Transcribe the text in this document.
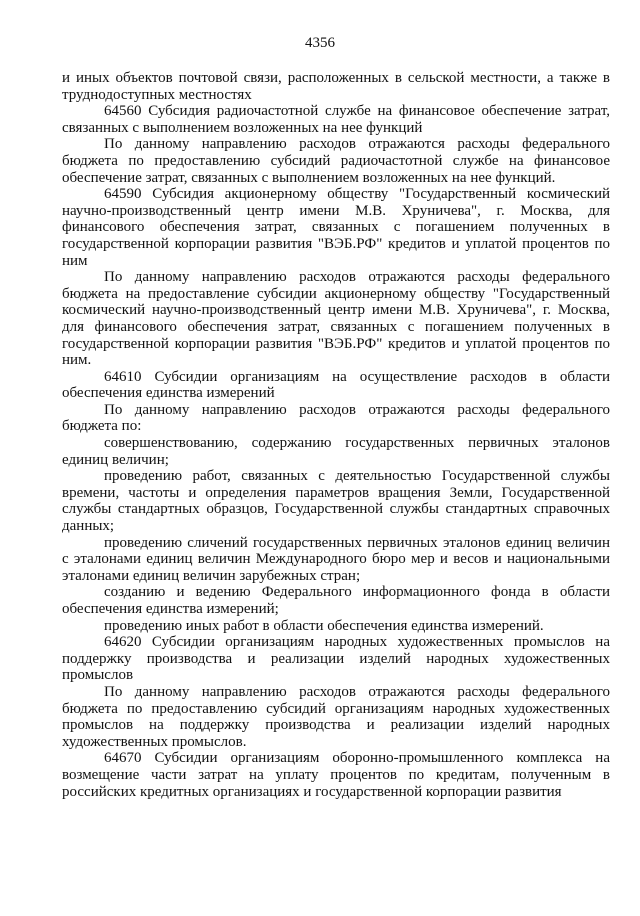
4356

и иных объектов почтовой связи, расположенных в сельской местности, а также в труднодоступных местностях

64560 Субсидия радиочастотной службе на финансовое обеспечение затрат, связанных с выполнением возложенных на нее функций

По данному направлению расходов отражаются расходы федерального бюджета по предоставлению субсидий радиочастотной службе на финансовое обеспечение затрат, связанных с выполнением возложенных на нее функций.

64590 Субсидия акционерному обществу "Государственный космический научно-производственный центр имени М.В. Хруничева", г. Москва, для финансового обеспечения затрат, связанных с погашением полученных в государственной корпорации развития "ВЭБ.РФ" кредитов и уплатой процентов по ним

По данному направлению расходов отражаются расходы федерального бюджета на предоставление субсидии акционерному обществу "Государственный космический научно-производственный центр имени М.В. Хруничева", г. Москва, для финансового обеспечения затрат, связанных с погашением полученных в государственной корпорации развития "ВЭБ.РФ" кредитов и уплатой процентов по ним.

64610 Субсидии организациям на осуществление расходов в области обеспечения единства измерений

По данному направлению расходов отражаются расходы федерального бюджета по:

совершенствованию, содержанию государственных первичных эталонов единиц величин;

проведению работ, связанных с деятельностью Государственной службы времени, частоты и определения параметров вращения Земли, Государственной службы стандартных образцов, Государственной службы стандартных справочных данных;

проведению сличений государственных первичных эталонов единиц величин с эталонами единиц величин Международного бюро мер и весов и национальными эталонами единиц величин зарубежных стран;

созданию и ведению Федерального информационного фонда в области обеспечения единства измерений;

проведению иных работ в области обеспечения единства измерений.

64620 Субсидии организациям народных художественных промыслов на поддержку производства и реализации изделий народных художественных промыслов

По данному направлению расходов отражаются расходы федерального бюджета по предоставлению субсидий организациям народных художественных промыслов на поддержку производства и реализации изделий народных художественных промыслов.

64670 Субсидии организациям оборонно-промышленного комплекса на возмещение части затрат на уплату процентов по кредитам, полученным в российских кредитных организациях и государственной корпорации развития
